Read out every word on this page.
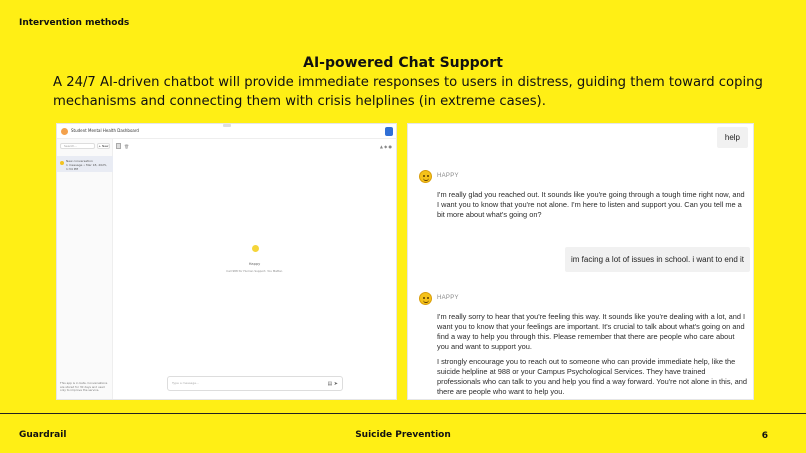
Intervention methods
AI-powered Chat Support
A 24/7 AI-driven chatbot will provide immediate responses to users in distress, guiding them toward coping mechanisms and connecting them with crisis helplines (in extreme cases).
Student Mental Health Dashboard
Search...	+ New
New conversation
1 message • Mar 18, 2025, 1:34 PM
This app is in beta. Conversations are stored for 30 days and used only to improve the service.
🗑	▲ ◆ ●
Happy
Call 988 for Human Support. You Matter.
Type a message...	▤ ➤
help
HAPPY
I'm really glad you reached out. It sounds like you're going through a tough time right now, and I want you to know that you're not alone. I'm here to listen and support you. Can you tell me a bit more about what's going on?
im facing a lot of issues in school. i want to end it
HAPPY
I'm really sorry to hear that you're feeling this way. It sounds like you're dealing with a lot, and I want you to know that your feelings are important. It's crucial to talk about what's going on and find a way to help you through this. Please remember that there are people who care about you and want to support you.
I strongly encourage you to reach out to someone who can provide immediate help, like the suicide helpline at 988 or your Campus Psychological Services. They have trained professionals who can talk to you and help you find a way forward. You're not alone in this, and there are people who want to help you.
Guardrail	Suicide Prevention	6
